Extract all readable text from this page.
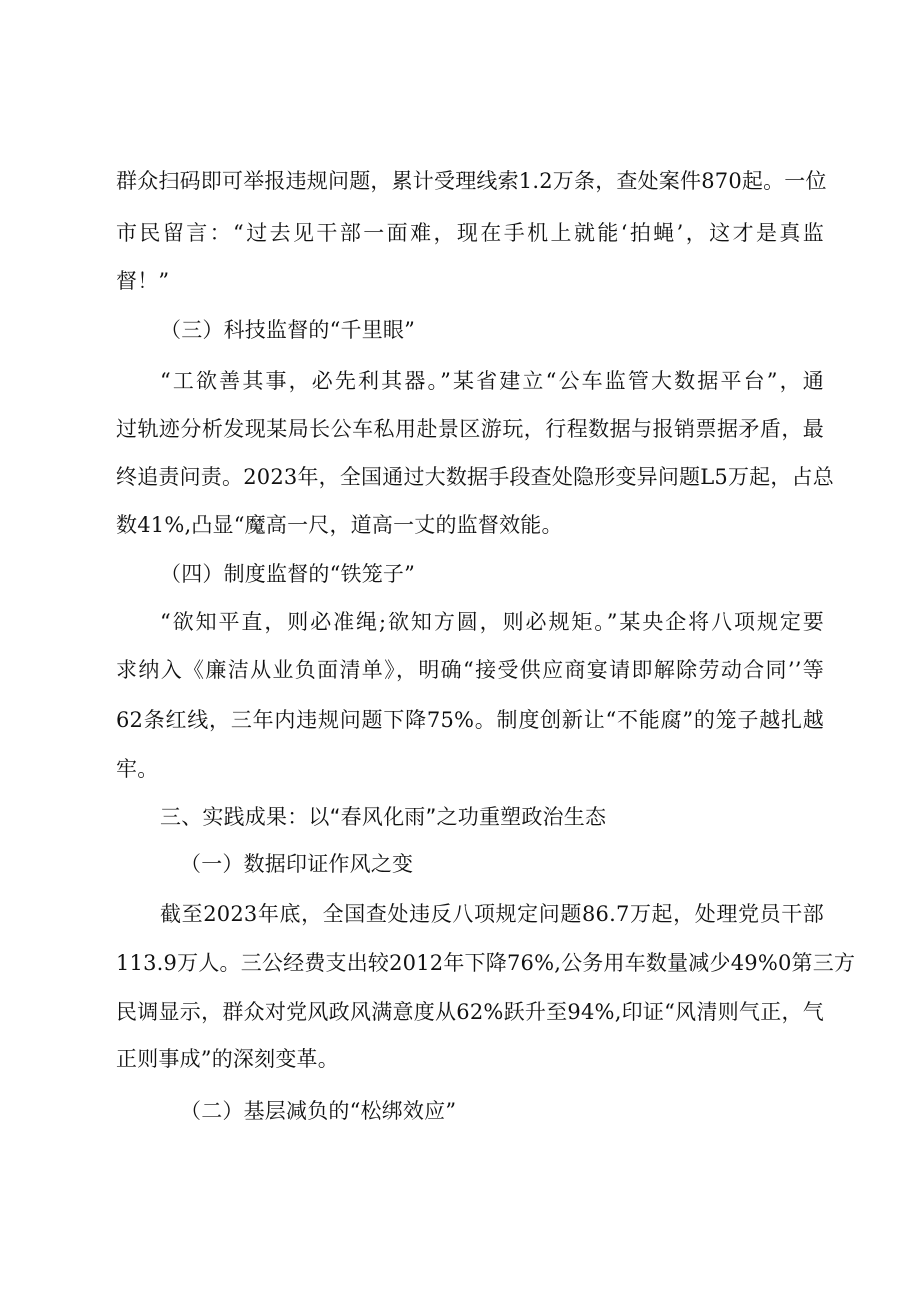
群众扫码即可举报违规问题，累计受理线索1.2万条，查处案件870起。一位
市民留言：“过去见干部一面难，现在手机上就能‘拍蝇’，这才是真监
督！”
（三）科技监督的“千里眼”
“工欲善其事，必先利其器。”某省建立“公车监管大数据平台”，通
过轨迹分析发现某局长公车私用赴景区游玩，行程数据与报销票据矛盾，最
终追责问责。2023年，全国通过大数据手段查处隐形变异问题L5万起，占总
数41%,凸显“魔高一尺，道高一丈的监督效能。
（四）制度监督的“铁笼子”
“欲知平直，则必准绳;欲知方圆，则必规矩。”某央企将八项规定要
求纳入《廉洁从业负面清单》，明确“接受供应商宴请即解除劳动合同’’等
62条红线，三年内违规问题下降75%。制度创新让“不能腐”的笼子越扎越
牢。
三、实践成果：以“春风化雨”之功重塑政治生态
（一）数据印证作风之变
截至2023年底，全国查处违反八项规定问题86.7万起，处理党员干部
113.9万人。三公经费支出较2012年下降76%,公务用车数量减少49%0第三方
民调显示，群众对党风政风满意度从62%跃升至94%,印证“风清则气正，气
正则事成”的深刻变革。
（二）基层减负的“松绑效应”
